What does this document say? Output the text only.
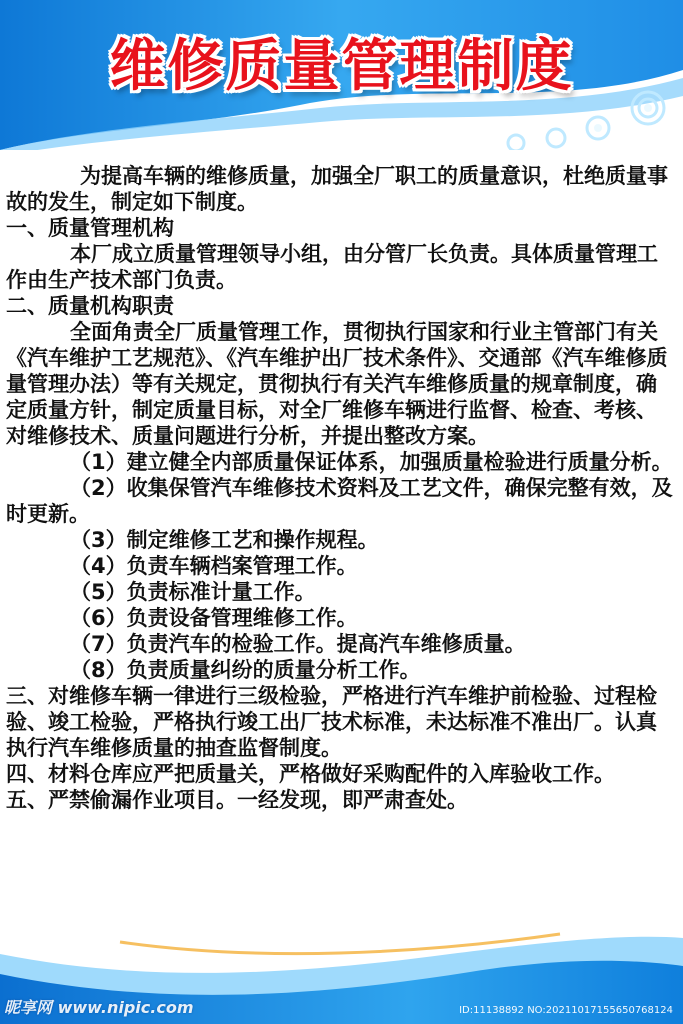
维修质量管理制度

为提高车辆的维修质量，加强全厂职工的质量意识，杜绝质量事故的发生，制定如下制度。

一、质量管理机构

本厂成立质量管理领导小组，由分管厂长负责。具体质量管理工作由生产技术部门负责。

二、质量机构职责

全面角责全厂质量管理工作，贯彻执行国家和行业主管部门有关《汽车维护工艺规范》、《汽车维护出厂技术条件》、交通部《汽车维修质量管理办法）等有关规定，贯彻执行有关汽车维修质量的规章制度，确定质量方针，制定质量目标，对全厂维修车辆进行监督、检查、考核、对维修技术、质量问题进行分析，并提出整改方案。

（1）建立健全内部质量保证体系，加强质量检验进行质量分析。

（2）收集保管汽车维修技术资料及工艺文件，确保完整有效，及时更新。

（3）制定维修工艺和操作规程。

（4）负责车辆档案管理工作。

（5）负责标准计量工作。

（6）负责设备管理维修工作。

（7）负责汽车的检验工作。提高汽车维修质量。

（8）负责质量纠纷的质量分析工作。

三、对维修车辆一律进行三级检验，严格进行汽车维护前检验、过程检验、竣工检验，严格执行竣工出厂技术标准，未达标准不准出厂。认真执行汽车维修质量的抽查监督制度。

四、材料仓库应严把质量关，严格做好采购配件的入库验收工作。

五、严禁偷漏作业项目。一经发现，即严肃查处。

昵享网 www.nipic.com	ID:11138892 NO:20211017155650768124
